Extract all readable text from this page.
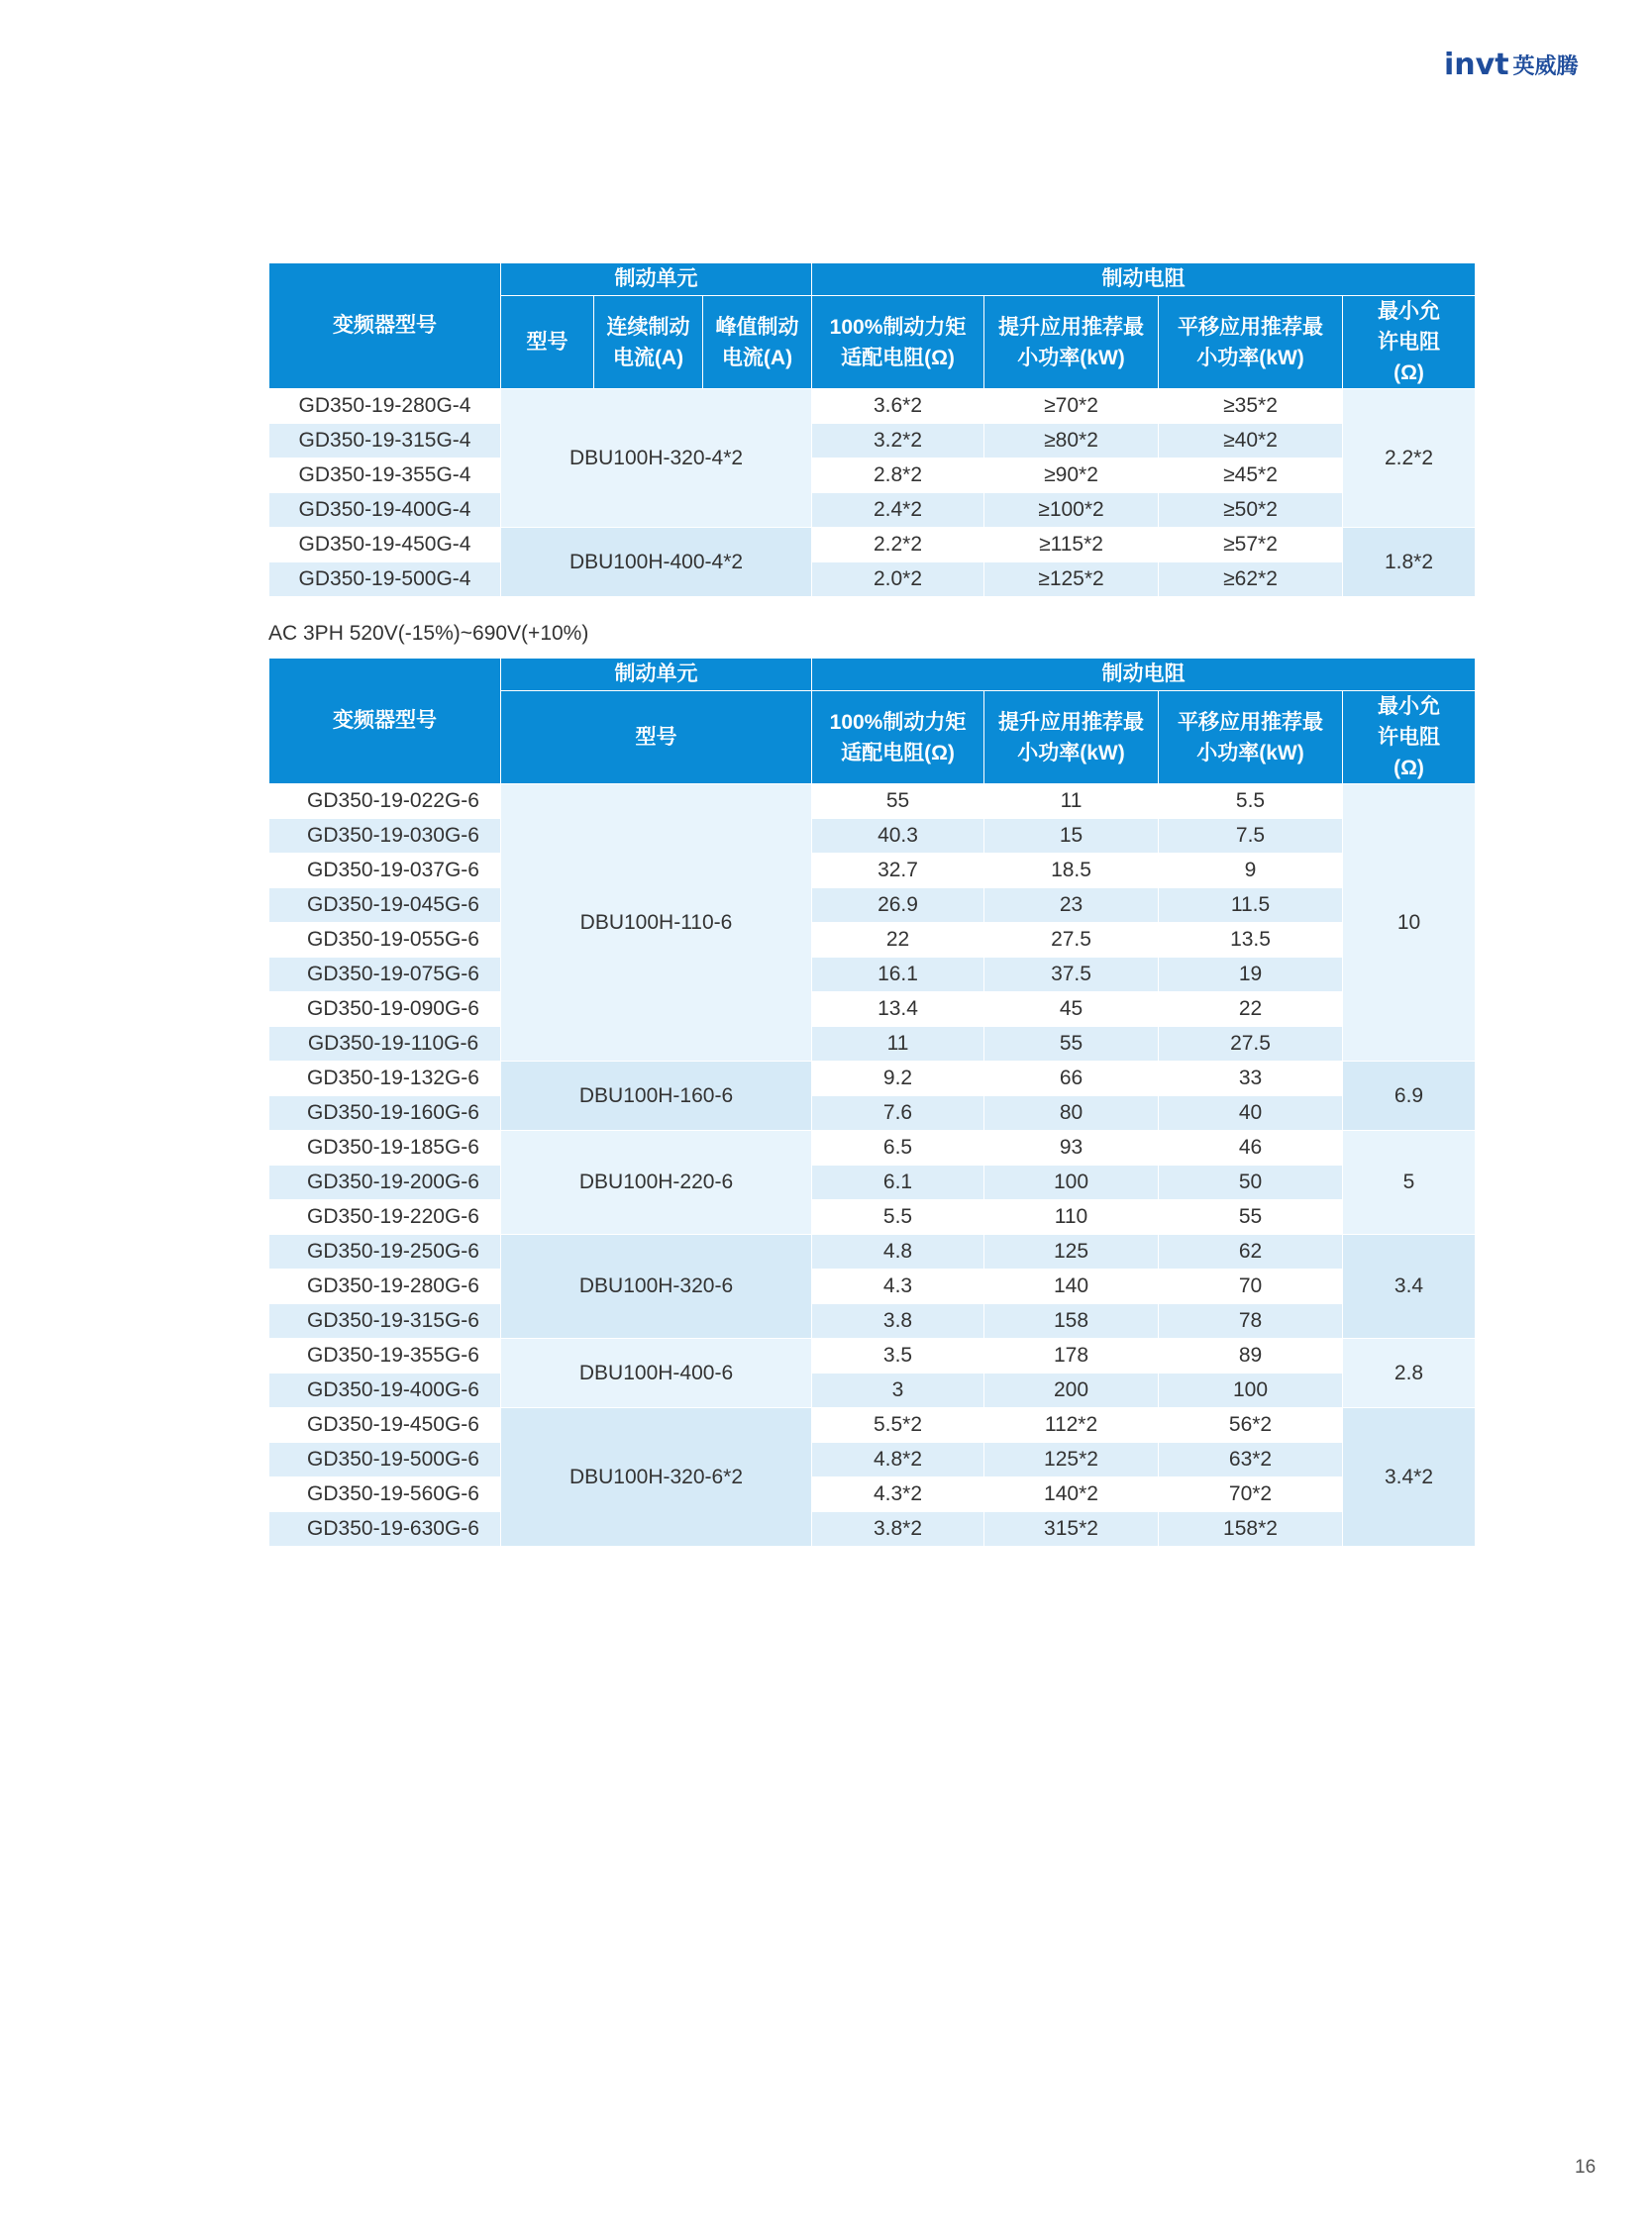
invt 英威腾
变频器型号	制动单元			制动电阻			
	型号	连续制动电流(A)	峰值制动电流(A)	100%制动力矩适配电阻(Ω)	提升应用推荐最小功率(kW)	平移应用推荐最小功率(kW)	最小允许电阻(Ω)

GD350-19-280G-4	DBU100H-320-4*2			3.6*2	≥70*2	≥35*2	2.2*2
GD350-19-315G-4				3.2*2	≥80*2	≥40*2	
GD350-19-355G-4				2.8*2	≥90*2	≥45*2	
GD350-19-400G-4				2.4*2	≥100*2	≥50*2	
GD350-19-450G-4	DBU100H-400-4*2			2.2*2	≥115*2	≥57*2	1.8*2
GD350-19-500G-4				2.0*2	≥125*2	≥62*2	
AC 3PH 520V(-15%)~690V(+10%)
变频器型号	制动单元	制动电阻			
	型号	100%制动力矩适配电阻(Ω)	提升应用推荐最小功率(kW)	平移应用推荐最小功率(kW)	最小允许电阻(Ω)

GD350-19-022G-6	DBU100H-110-6	55	11	5.5	10
GD350-19-030G-6		40.3	15	7.5	
GD350-19-037G-6		32.7	18.5	9	
GD350-19-045G-6		26.9	23	11.5	
GD350-19-055G-6		22	27.5	13.5	
GD350-19-075G-6		16.1	37.5	19	
GD350-19-090G-6		13.4	45	22	
GD350-19-110G-6		11	55	27.5	
GD350-19-132G-6	DBU100H-160-6	9.2	66	33	6.9
GD350-19-160G-6		7.6	80	40	
GD350-19-185G-6	DBU100H-220-6	6.5	93	46	5
GD350-19-200G-6		6.1	100	50	
GD350-19-220G-6		5.5	110	55	
GD350-19-250G-6	DBU100H-320-6	4.8	125	62	3.4
GD350-19-280G-6		4.3	140	70	
GD350-19-315G-6		3.8	158	78	
GD350-19-355G-6	DBU100H-400-6	3.5	178	89	2.8
GD350-19-400G-6		3	200	100	
GD350-19-450G-6	DBU100H-320-6*2	5.5*2	112*2	56*2	3.4*2
GD350-19-500G-6		4.8*2	125*2	63*2	
GD350-19-560G-6		4.3*2	140*2	70*2	
GD350-19-630G-6		3.8*2	315*2	158*2	
16
